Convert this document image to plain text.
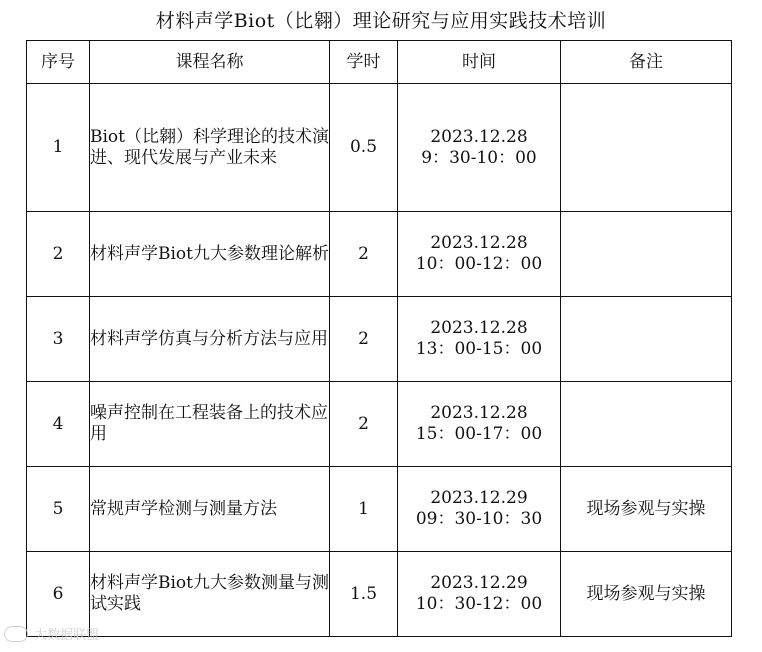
材料声学Biot（比翱）理论研究与应用实践技术培训
序号	课程名称	学时	时间	备注
1	Biot（比翱）科学理论的技术演进、现代发展与产业未来	0.5	2023.12.28
9：30-10：00	

2	材料声学Biot九大参数理论解析	2	2023.12.28
10：00-12：00	

3	材料声学仿真与分析方法与应用	2	2023.12.28
13：00-15：00	

4	噪声控制在工程装备上的技术应用	2	2023.12.28
15：00-17：00	

5	常规声学检测与测量方法	1	2023.12.29
09：30-10：30	现场参观与实操
6	材料声学Biot九大参数测量与测试实践	1.5	2023.12.29
10：30-12：00	现场参观与实操
大数据联盟
